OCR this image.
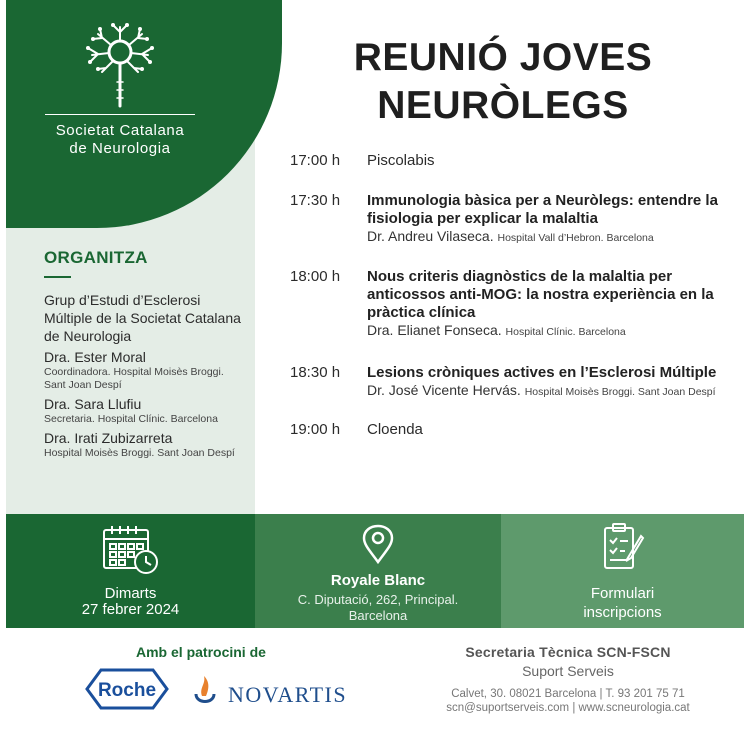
Societat Catalana
de Neurologia
ORGANITZA
Grup d’Estudi d’Esclerosi Múltiple de la Societat Catalana de Neurologia
Dra. Ester Moral
Coordinadora. Hospital Moisès Broggi. Sant Joan Despí
Dra. Sara Llufiu
Secretaria. Hospital Clínic. Barcelona
Dra. Irati Zubizarreta
Hospital Moisès Broggi. Sant Joan Despí
REUNIÓ JOVES
NEURÒLEGS
17:00 h Piscolabis
17:30 h Immunologia bàsica per a Neuròlegs: entendre la fisiologia per explicar la malaltia
Dr. Andreu Vilaseca. Hospital Vall d’Hebron. Barcelona
18:00 h Nous criteris diagnòstics de la malaltia per anticossos anti-MOG: la nostra experiència en la pràctica clínica
Dra. Elianet Fonseca. Hospital Clínic. Barcelona
18:30 h Lesions cròniques actives en l’Esclerosi Múltiple
Dr. José Vicente Hervás. Hospital Moisès Broggi. Sant Joan Despí
19:00 h Cloenda
Dimarts
27 febrer 2024
Royale Blanc
C. Diputació, 262, Principal.
Barcelona
Formulari
inscripcions
Amb el patrocini de
Roche	NOVARTIS
Secretaria Tècnica SCN-FSCN
Suport Serveis
Calvet, 30. 08021 Barcelona | T. 93 201 75 71
scn@suportserveis.com | www.scneurologia.cat
